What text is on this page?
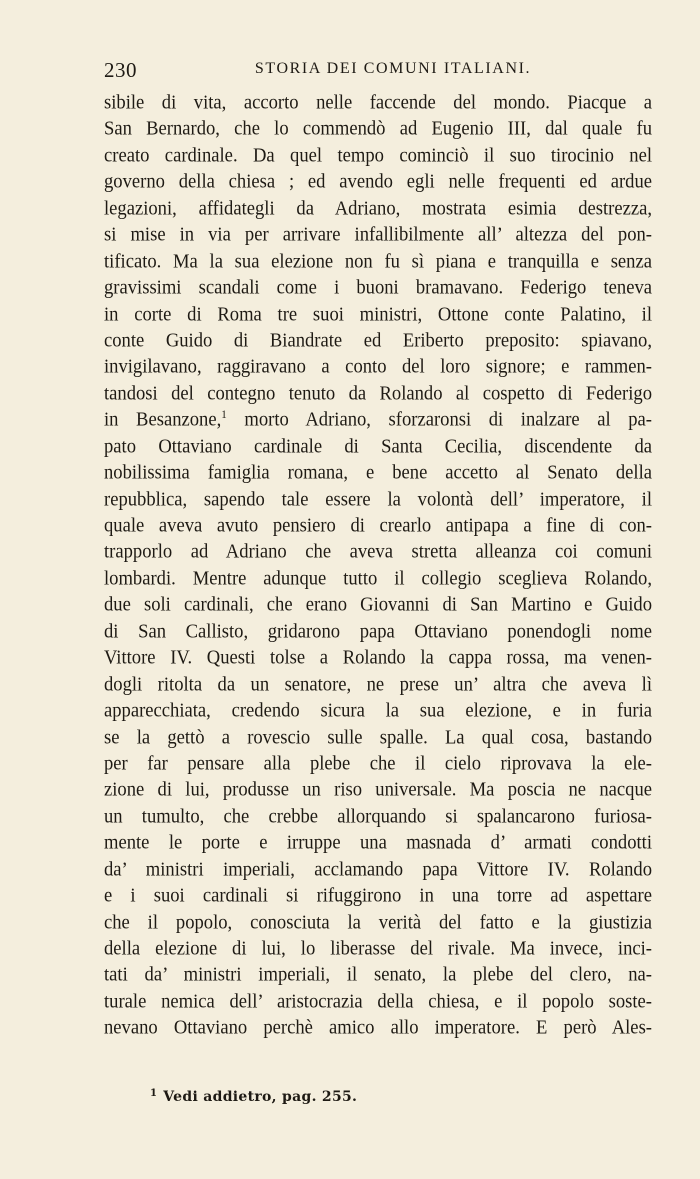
230	STORIA DEI COMUNI ITALIANI.
sibile di vita, accorto nelle faccende del mondo. Piacque a
San Bernardo, che lo commendò ad Eugenio III, dal quale fu
creato cardinale. Da quel tempo cominciò il suo tirocinio nel
governo della chiesa ; ed avendo egli nelle frequenti ed ardue
legazioni, affidategli da Adriano, mostrata esimia destrezza,
si mise in via per arrivare infallibilmente all’ altezza del pon-
tificato. Ma la sua elezione non fu sì piana e tranquilla e senza
gravissimi scandali come i buoni bramavano. Federigo teneva
in corte di Roma tre suoi ministri, Ottone conte Palatino, il
conte Guido di Biandrate ed Eriberto preposito: spiavano,
invigilavano, raggiravano a conto del loro signore; e rammen-
tandosi del contegno tenuto da Rolando al cospetto di Federigo
in Besanzone,$^1$ morto Adriano, sforzaronsi di inalzare al pa-
pato Ottaviano cardinale di Santa Cecilia, discendente da
nobilissima famiglia romana, e bene accetto al Senato della
repubblica, sapendo tale essere la volontà dell’ imperatore, il
quale aveva avuto pensiero di crearlo antipapa a fine di con-
trapporlo ad Adriano che aveva stretta alleanza coi comuni
lombardi. Mentre adunque tutto il collegio sceglieva Rolando,
due soli cardinali, che erano Giovanni di San Martino e Guido
di San Callisto, gridarono papa Ottaviano ponendogli nome
Vittore IV. Questi tolse a Rolando la cappa rossa, ma venen-
dogli ritolta da un senatore, ne prese un’ altra che aveva lì
apparecchiata, credendo sicura la sua elezione, e in furia
se la gettò a rovescio sulle spalle. La qual cosa, bastando
per far pensare alla plebe che il cielo riprovava la ele-
zione di lui, produsse un riso universale. Ma poscia ne nacque
un tumulto, che crebbe allorquando si spalancarono furiosa-
mente le porte e irruppe una masnada d’ armati condotti
da’ ministri imperiali, acclamando papa Vittore IV. Rolando
e i suoi cardinali si rifuggirono in una torre ad aspettare
che il popolo, conosciuta la verità del fatto e la giustizia
della elezione di lui, lo liberasse del rivale. Ma invece, inci-
tati da’ ministri imperiali, il senato, la plebe del clero, na-
turale nemica dell’ aristocrazia della chiesa, e il popolo soste-
nevano Ottaviano perchè amico allo imperatore. E però Ales-
$^1$ Vedi addietro, pag. 255.
